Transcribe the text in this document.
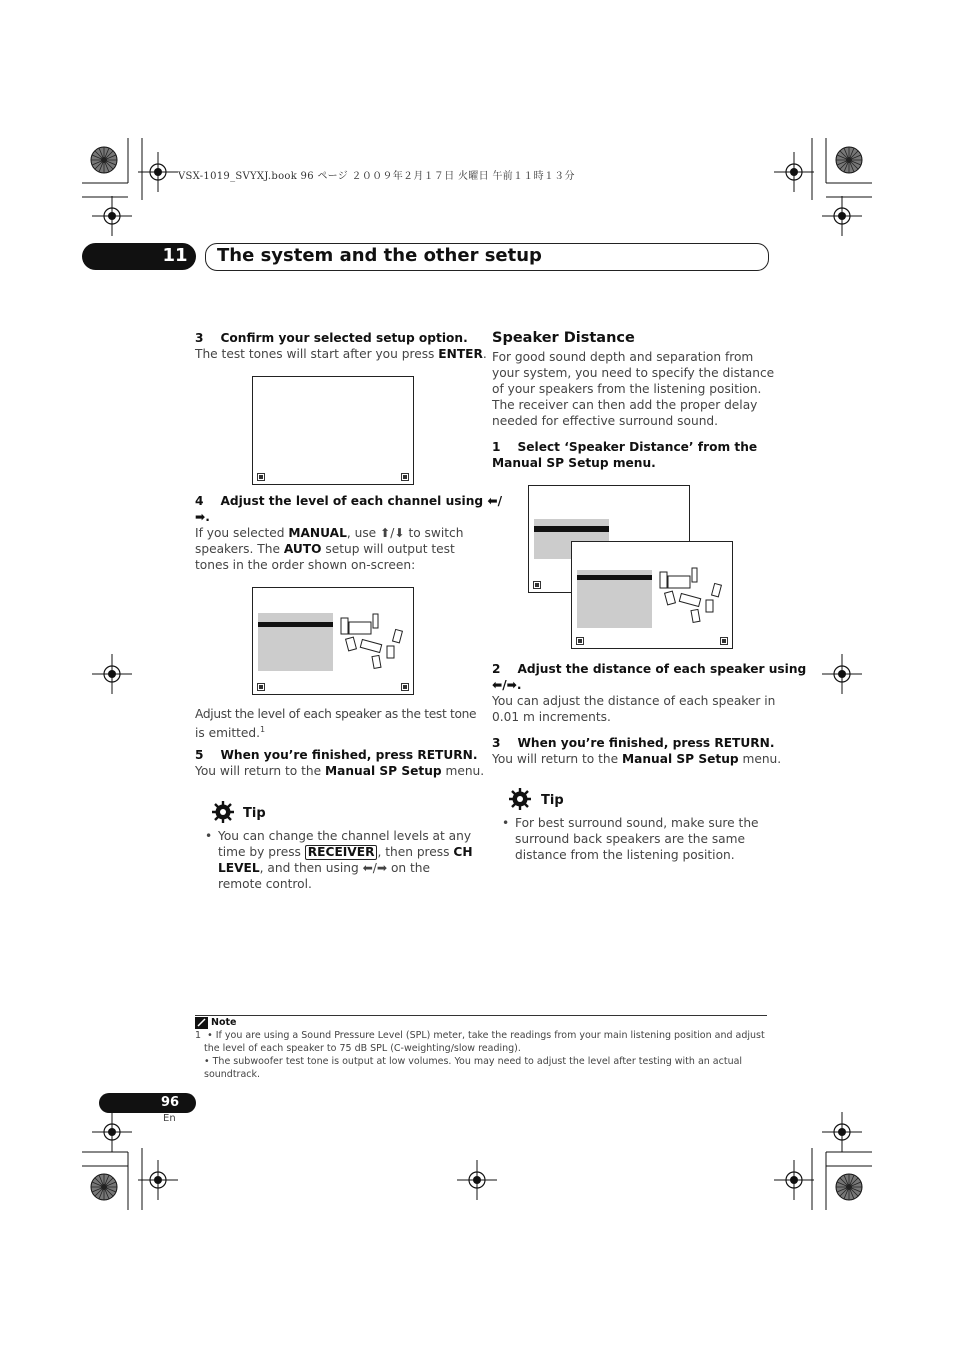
VSX-1019_SVYXJ.book 96 ページ ２００９年２月１７日 火曜日 午前１１時１３分
11 The system and the other setup
3 Confirm your selected setup option.
The test tones will start after you press ENTER.
4 Adjust the level of each channel using ⬅/
➡.
If you selected MANUAL, use ⬆/⬇ to switch
speakers. The AUTO setup will output test
tones in the order shown on-screen:
Adjust the level of each speaker as the test tone
is emitted.$^1$
5 When you’re finished, press RETURN.
You will return to the Manual SP Setup menu.
Tip
• You can change the channel levels at any
time by press RECEIVER , then press CH
LEVEL, and then using ⬅/➡ on the
remote control.
Speaker Distance
For good sound depth and separation from
your system, you need to specify the distance
of your speakers from the listening position.
The receiver can then add the proper delay
needed for effective surround sound.
1 Select ‘Speaker Distance’ from the
Manual SP Setup menu.
2 Adjust the distance of each speaker using
⬅/➡.
You can adjust the distance of each speaker in
0.01 m increments.
3 When you’re finished, press RETURN.
You will return to the Manual SP Setup menu.
Tip
• For best surround sound, make sure the
surround back speakers are the same
distance from the listening position.
Note
1 • If you are using a Sound Pressure Level (SPL) meter, take the readings from your main listening position and adjust
the level of each speaker to 75 dB SPL (C-weighting/slow reading).
• The subwoofer test tone is output at low volumes. You may need to adjust the level after testing with an actual
soundtrack.
96
En
